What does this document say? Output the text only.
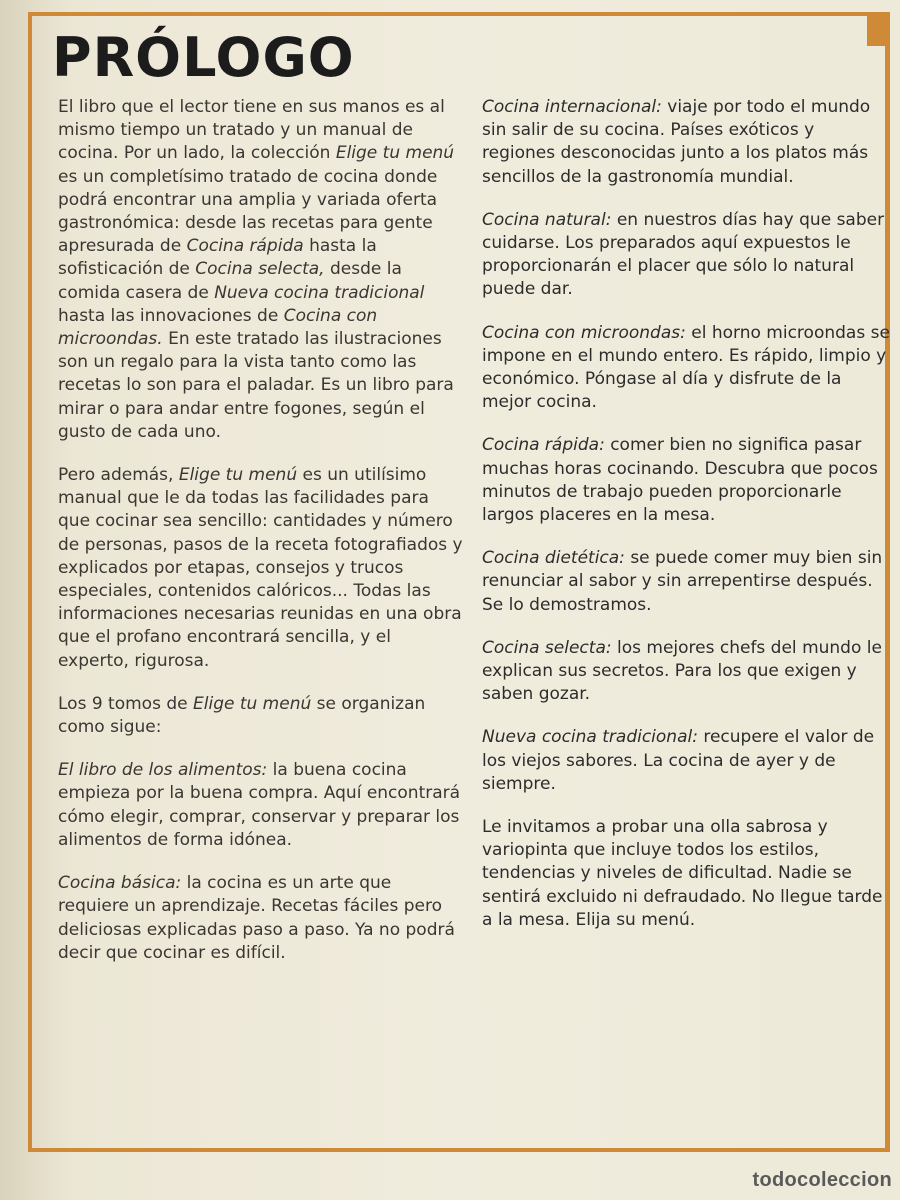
PRÓLOGO

El libro que el lector tiene en sus manos es al mismo tiempo un tratado y un manual de cocina. Por un lado, la colección Elige tu menú es un completísimo tratado de cocina donde podrá encontrar una amplia y variada oferta gastronómica: desde las recetas para gente apresurada de Cocina rápida hasta la sofisticación de Cocina selecta, desde la comida casera de Nueva cocina tradicional hasta las innovaciones de Cocina con microondas. En este tratado las ilustraciones son un regalo para la vista tanto como las recetas lo son para el paladar. Es un libro para mirar o para andar entre fogones, según el gusto de cada uno.

Pero además, Elige tu menú es un utilísimo manual que le da todas las facilidades para que cocinar sea sencillo: cantidades y número de personas, pasos de la receta fotografiados y explicados por etapas, consejos y trucos especiales, contenidos calóricos... Todas las informaciones necesarias reunidas en una obra que el profano encontrará sencilla, y el experto, rigurosa.

Los 9 tomos de Elige tu menú se organizan como sigue:

El libro de los alimentos: la buena cocina empieza por la buena compra. Aquí encontrará cómo elegir, comprar, conservar y preparar los alimentos de forma idónea.

Cocina básica: la cocina es un arte que requiere un aprendizaje. Recetas fáciles pero deliciosas explicadas paso a paso. Ya no podrá decir que cocinar es difícil.

Cocina internacional: viaje por todo el mundo sin salir de su cocina. Países exóticos y regiones desconocidas junto a los platos más sencillos de la gastronomía mundial.

Cocina natural: en nuestros días hay que saber cuidarse. Los preparados aquí expuestos le proporcionarán el placer que sólo lo natural puede dar.

Cocina con microondas: el horno microondas se impone en el mundo entero. Es rápido, limpio y económico. Póngase al día y disfrute de la mejor cocina.

Cocina rápida: comer bien no significa pasar muchas horas cocinando. Descubra que pocos minutos de trabajo pueden proporcionarle largos placeres en la mesa.

Cocina dietética: se puede comer muy bien sin renunciar al sabor y sin arrepentirse después. Se lo demostramos.

Cocina selecta: los mejores chefs del mundo le explican sus secretos. Para los que exigen y saben gozar.

Nueva cocina tradicional: recupere el valor de los viejos sabores. La cocina de ayer y de siempre.

Le invitamos a probar una olla sabrosa y variopinta que incluye todos los estilos, tendencias y niveles de dificultad. Nadie se sentirá excluido ni defraudado. No llegue tarde a la mesa. Elija su menú.

todocoleccion
